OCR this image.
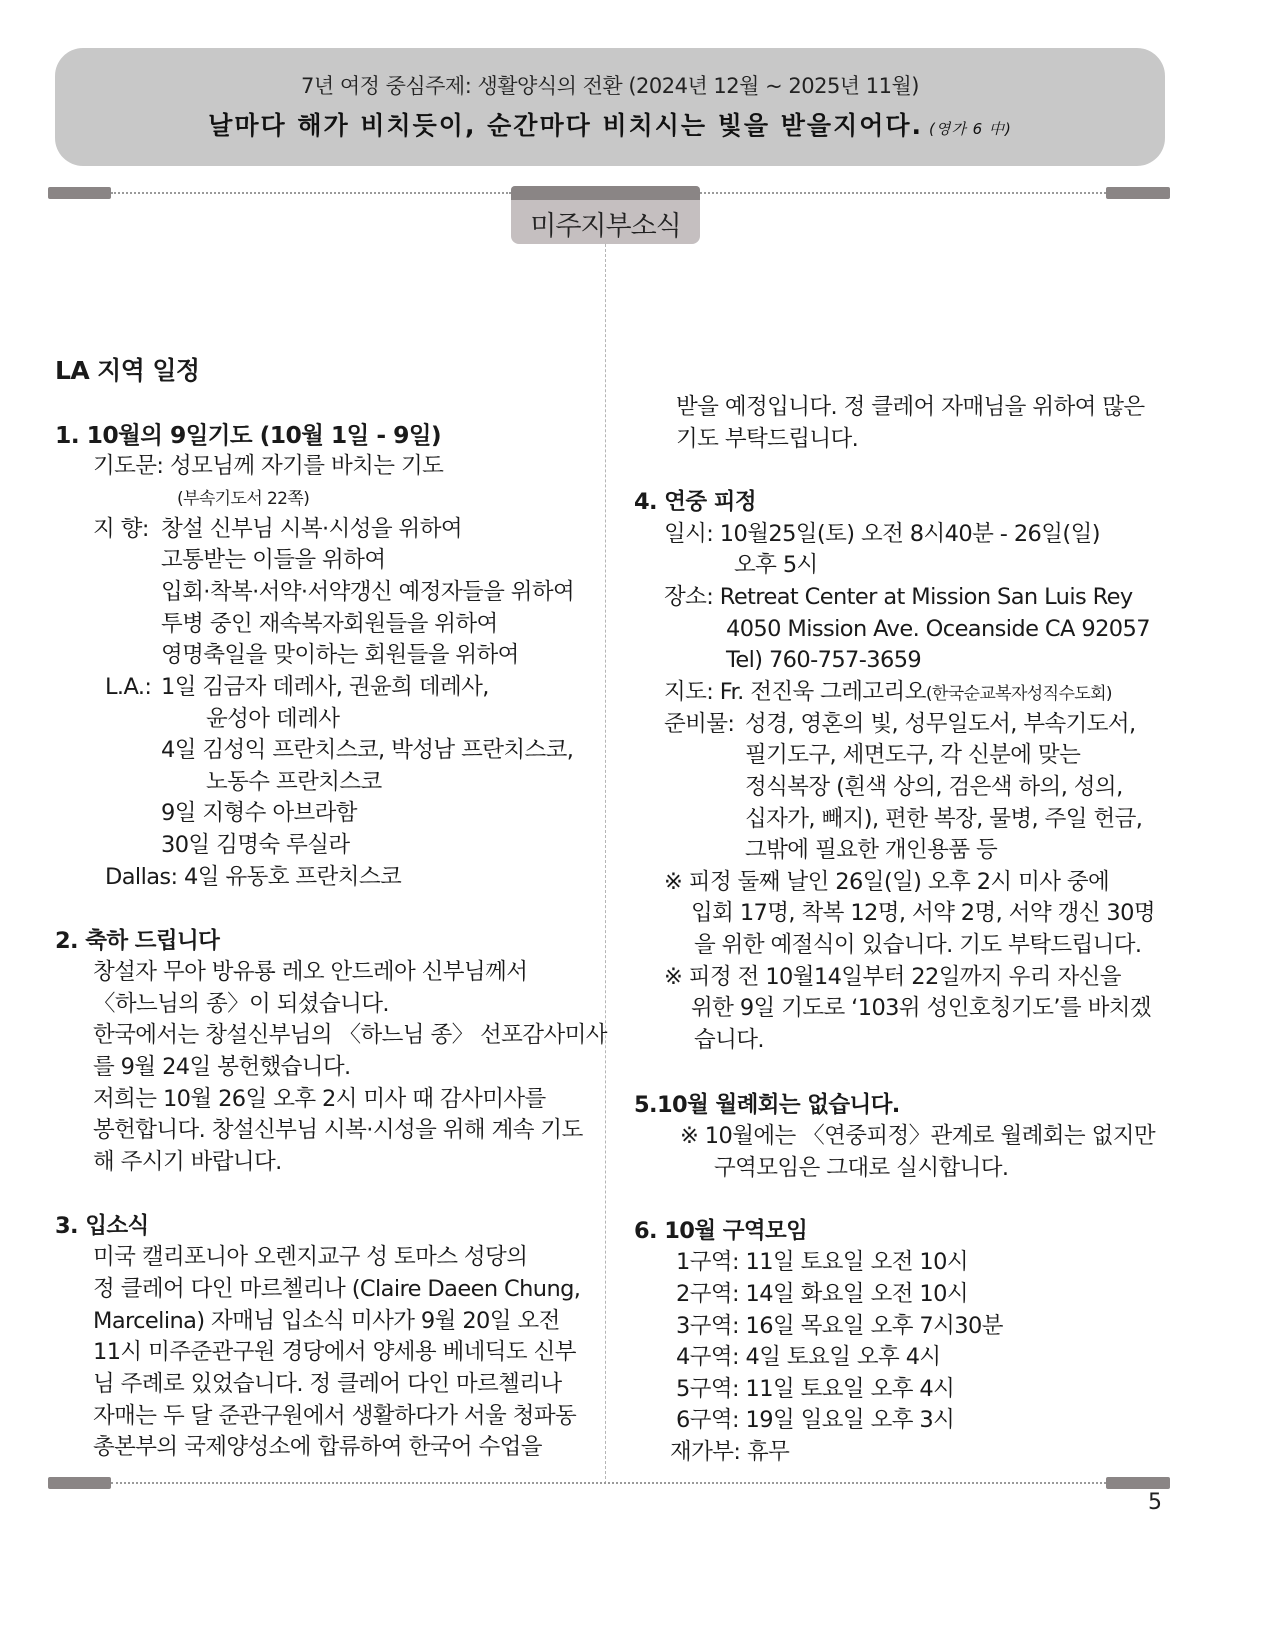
7년 여정 중심주제: 생활양식의 전환 (2024년 12월 ~ 2025년 11월)
날마다 해가 비치듯이, 순간마다 비치시는 빛을 받을지어다. (영가 6 中)
미주지부소식
LA 지역 일정
1. 10월의 9일기도 (10월 1일 - 9일)
기도문: 성모님께 자기를 바치는 기도
(부속기도서 22쪽)
지 향: 창설 신부님 시복·시성을 위하여
고통받는 이들을 위하여
입회·착복·서약·서약갱신 예정자들을 위하여
투병 중인 재속복자회원들을 위하여
영명축일을 맞이하는 회원들을 위하여
L.A.: 1일 김금자 데레사, 권윤희 데레사,
윤성아 데레사
4일 김성익 프란치스코, 박성남 프란치스코,
노동수 프란치스코
9일 지형수 아브라함
30일 김명숙 루실라
Dallas: 4일 유동호 프란치스코
2. 축하 드립니다
창설자 무아 방유룡 레오 안드레아 신부님께서
〈하느님의 종〉이 되셨습니다.
한국에서는 창설신부님의 〈하느님 종〉 선포감사미사
를 9월 24일 봉헌했습니다.
저희는 10월 26일 오후 2시 미사 때 감사미사를
봉헌합니다. 창설신부님 시복·시성을 위해 계속 기도
해 주시기 바랍니다.
3. 입소식
미국 캘리포니아 오렌지교구 성 토마스 성당의
정 클레어 다인 마르첼리나 (Claire Daeen Chung,
Marcelina) 자매님 입소식 미사가 9월 20일 오전
11시 미주준관구원 경당에서 양세용 베네딕도 신부
님 주례로 있었습니다. 정 클레어 다인 마르첼리나
자매는 두 달 준관구원에서 생활하다가 서울 청파동
총본부의 국제양성소에 합류하여 한국어 수업을
받을 예정입니다. 정 클레어 자매님을 위하여 많은
기도 부탁드립니다.
4. 연중 피정
일시: 10월25일(토) 오전 8시40분 - 26일(일)
오후 5시
장소: Retreat Center at Mission San Luis Rey
4050 Mission Ave. Oceanside CA 92057
Tel) 760-757-3659
지도: Fr. 전진욱 그레고리오(한국순교복자성직수도회)
준비물: 성경, 영혼의 빛, 성무일도서, 부속기도서,
필기도구, 세면도구, 각 신분에 맞는
정식복장 (흰색 상의, 검은색 하의, 성의,
십자가, 빼지), 편한 복장, 물병, 주일 헌금,
그밖에 필요한 개인용품 등
※ 피정 둘째 날인 26일(일) 오후 2시 미사 중에
입회 17명, 착복 12명, 서약 2명, 서약 갱신 30명
을 위한 예절식이 있습니다. 기도 부탁드립니다.
※ 피정 전 10월14일부터 22일까지 우리 자신을
위한 9일 기도로 ‘103위 성인호칭기도’를 바치겠
습니다.
5.10월 월례회는 없습니다.
※ 10월에는 〈연중피정〉관계로 월례회는 없지만
구역모임은 그대로 실시합니다.
6. 10월 구역모임
1구역: 11일 토요일 오전 10시
2구역: 14일 화요일 오전 10시
3구역: 16일 목요일 오후 7시30분
4구역: 4일 토요일 오후 4시
5구역: 11일 토요일 오후 4시
6구역: 19일 일요일 오후 3시
재가부: 휴무
5
